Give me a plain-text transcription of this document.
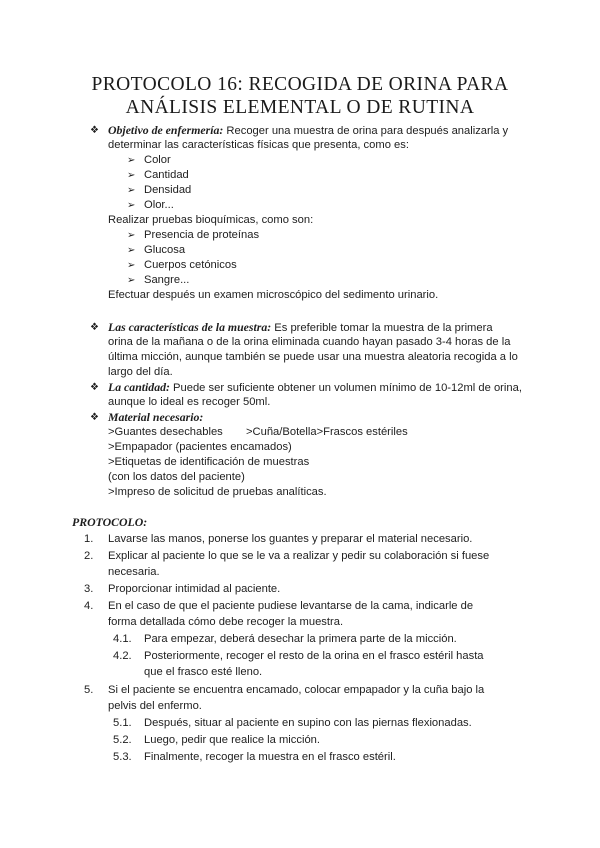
PROTOCOLO 16: RECOGIDA DE ORINA PARA
ANÁLISIS ELEMENTAL O DE RUTINA
❖ Objetivo de enfermería: Recoger una muestra de orina para después analizarla y
determinar las características físicas que presenta, como es:
➢ Color
➢ Cantidad
➢ Densidad
➢ Olor...
Realizar pruebas bioquímicas, como son:
➢ Presencia de proteínas
➢ Glucosa
➢ Cuerpos cetónicos
➢ Sangre...
Efectuar después un examen microscópico del sedimento urinario.
❖ Las características de la muestra: Es preferible tomar la muestra de la primera
orina de la mañana o de la orina eliminada cuando hayan pasado 3-4 horas de la
última micción, aunque también se puede usar una muestra aleatoria recogida a lo
largo del día.
❖ La cantidad: Puede ser suficiente obtener un volumen mínimo de 10-12ml de orina,
aunque lo ideal es recoger 50ml.
❖ Material necesario:
>Guantes desechables >Cuña/Botella>Frascos estériles
>Empapador (pacientes encamados)
>Etiquetas de identificación de muestras
(con los datos del paciente)
>Impreso de solicitud de pruebas analíticas.
PROTOCOLO:
1. Lavarse las manos, ponerse los guantes y preparar el material necesario.
2. Explicar al paciente lo que se le va a realizar y pedir su colaboración si fuese
necesaria.
3. Proporcionar intimidad al paciente.
4. En el caso de que el paciente pudiese levantarse de la cama, indicarle de
forma detallada cómo debe recoger la muestra.
4.1. Para empezar, deberá desechar la primera parte de la micción.
4.2. Posteriormente, recoger el resto de la orina en el frasco estéril hasta
que el frasco esté lleno.
5. Si el paciente se encuentra encamado, colocar empapador y la cuña bajo la
pelvis del enfermo.
5.1. Después, situar al paciente en supino con las piernas flexionadas.
5.2. Luego, pedir que realice la micción.
5.3. Finalmente, recoger la muestra en el frasco estéril.
